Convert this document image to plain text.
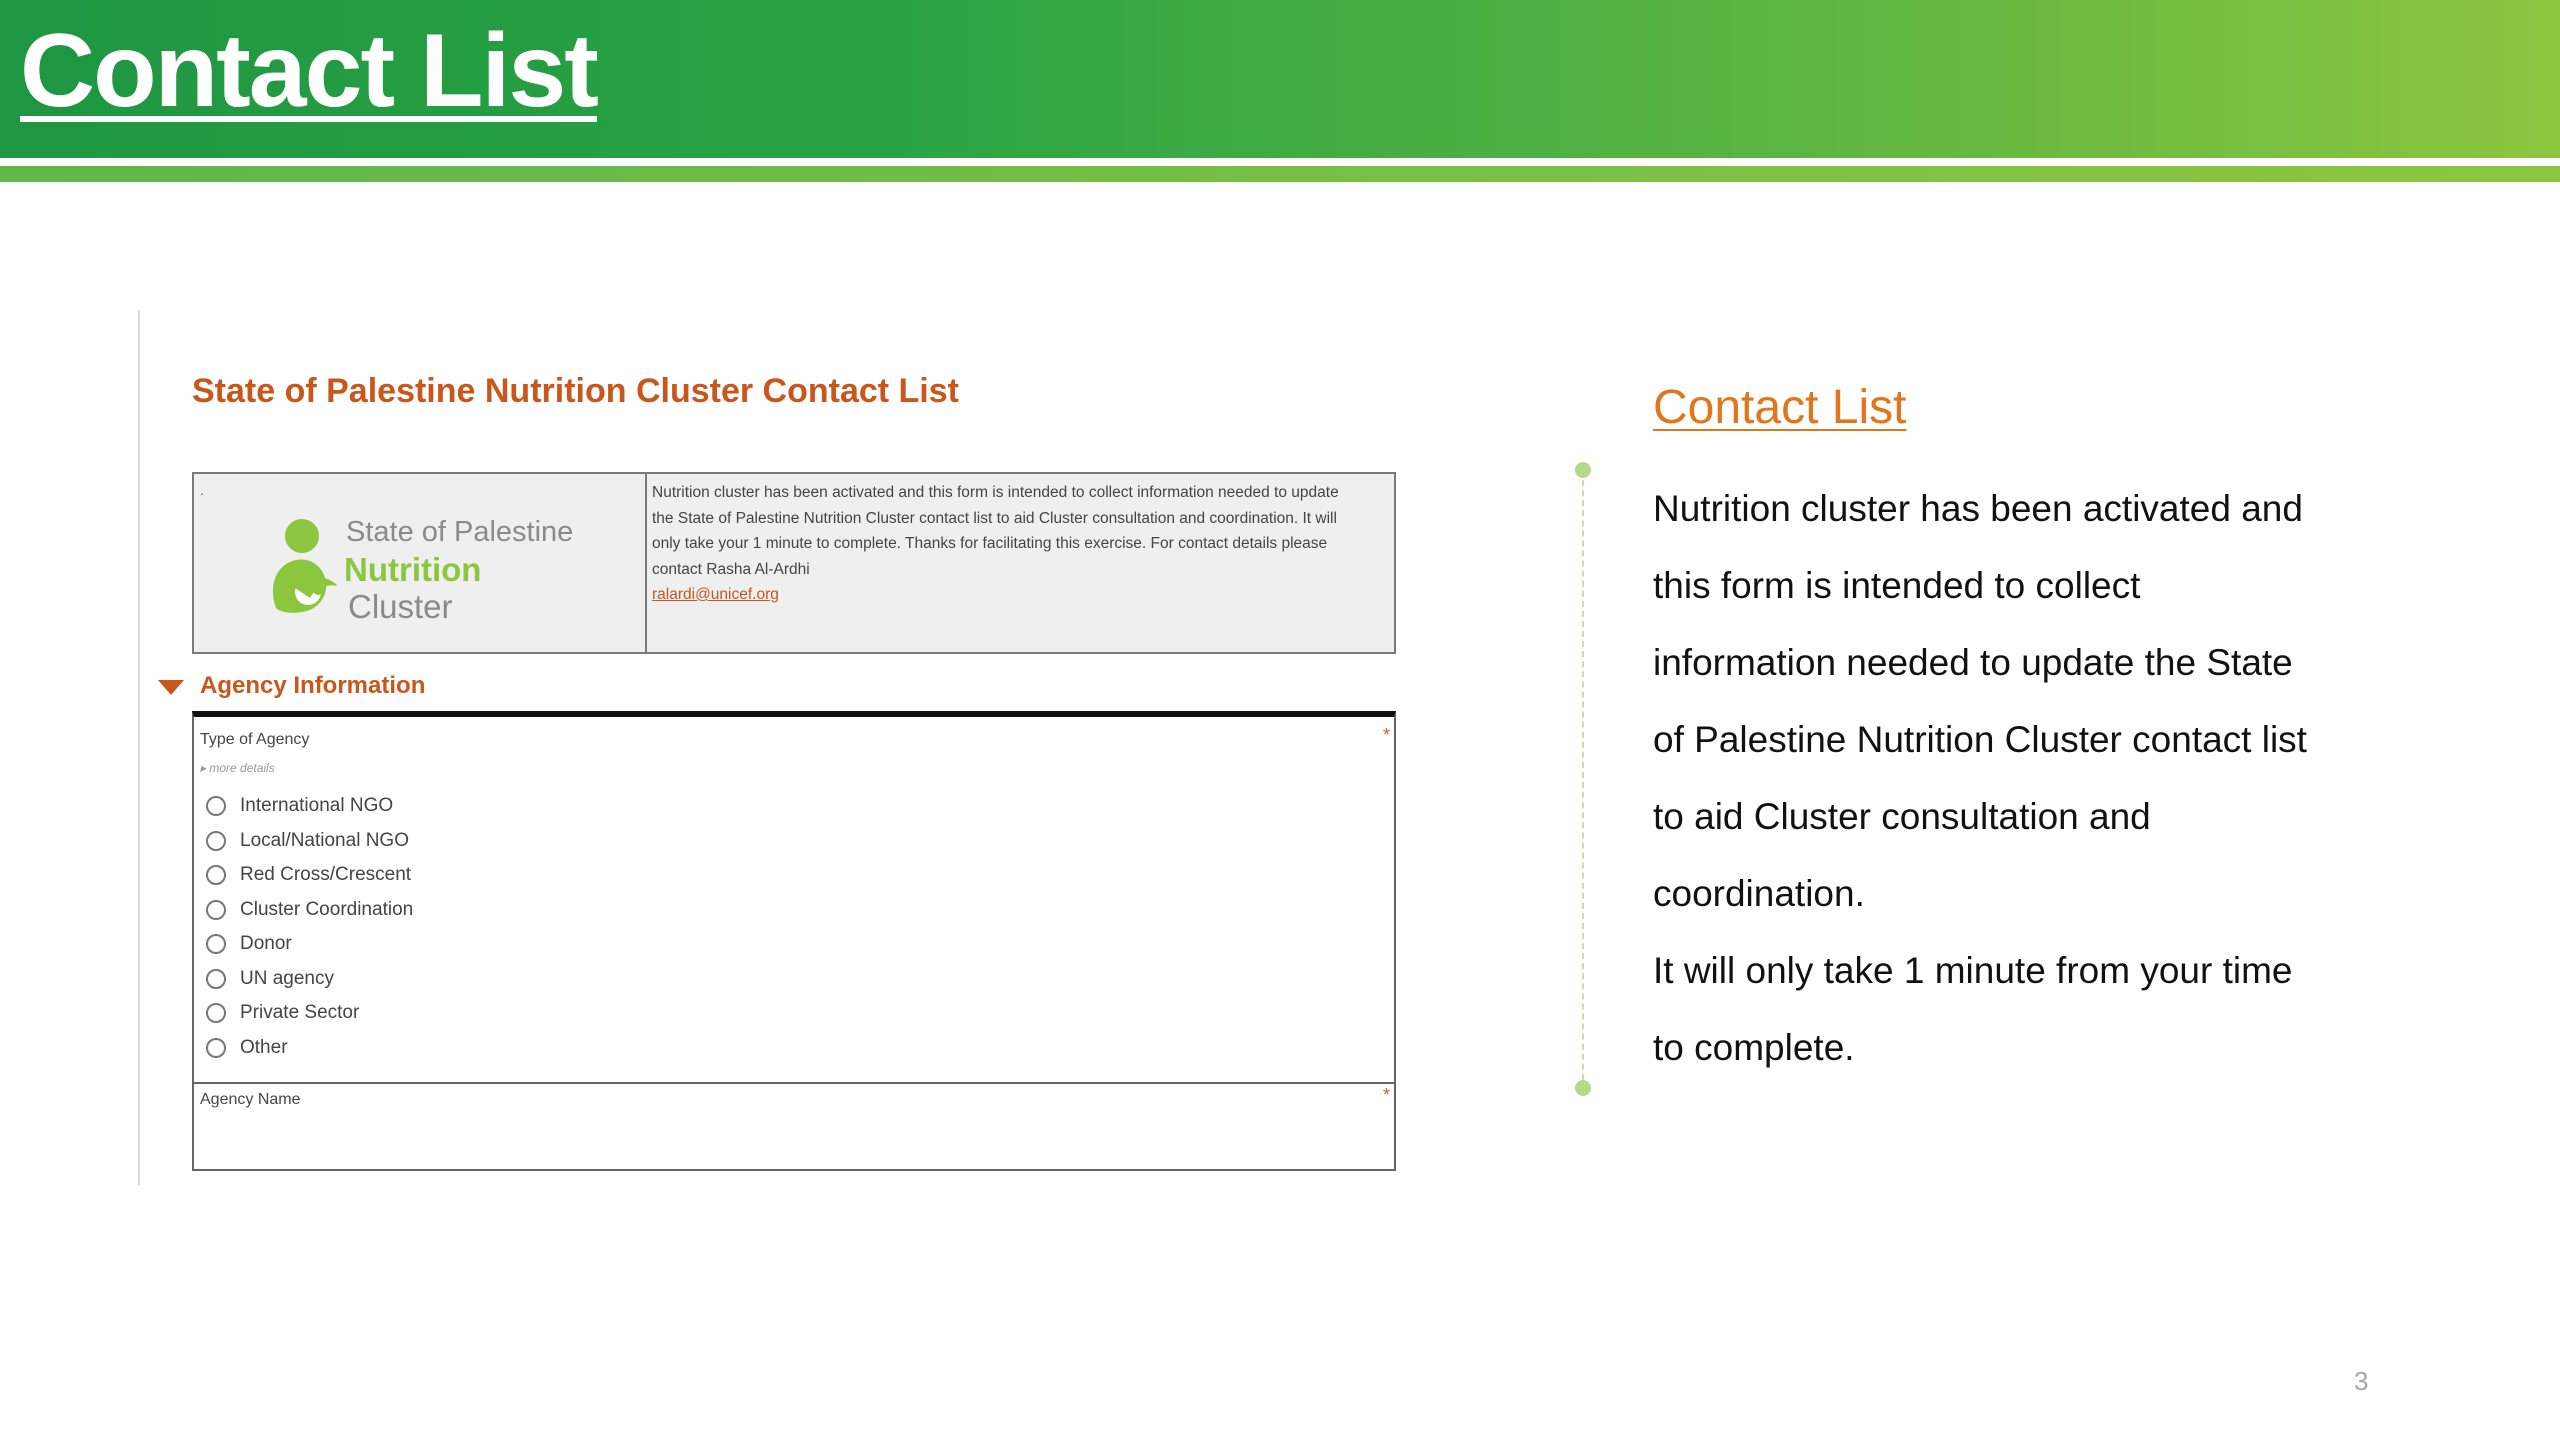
Contact List
State of Palestine Nutrition Cluster Contact List
.
State of Palestine
Nutrition
Cluster
Nutrition cluster has been activated and this form is intended to collect information needed to update the State of Palestine Nutrition Cluster contact list to aid Cluster consultation and coordination. It will only take your 1 minute to complete. Thanks for facilitating this exercise. For contact details please contact Rasha Al-Ardhi
ralardi@unicef.org
Agency Information
Type of Agency
▸ more details
*
International NGO
Local/National NGO
Red Cross/Crescent
Cluster Coordination
Donor
UN agency
Private Sector
Other
Agency Name	*
Contact List

Nutrition cluster has been activated and

this form is intended to collect

information needed to update the State

of Palestine Nutrition Cluster contact list

to aid Cluster consultation and

coordination.

It will only take 1 minute from your time

to complete.

3
